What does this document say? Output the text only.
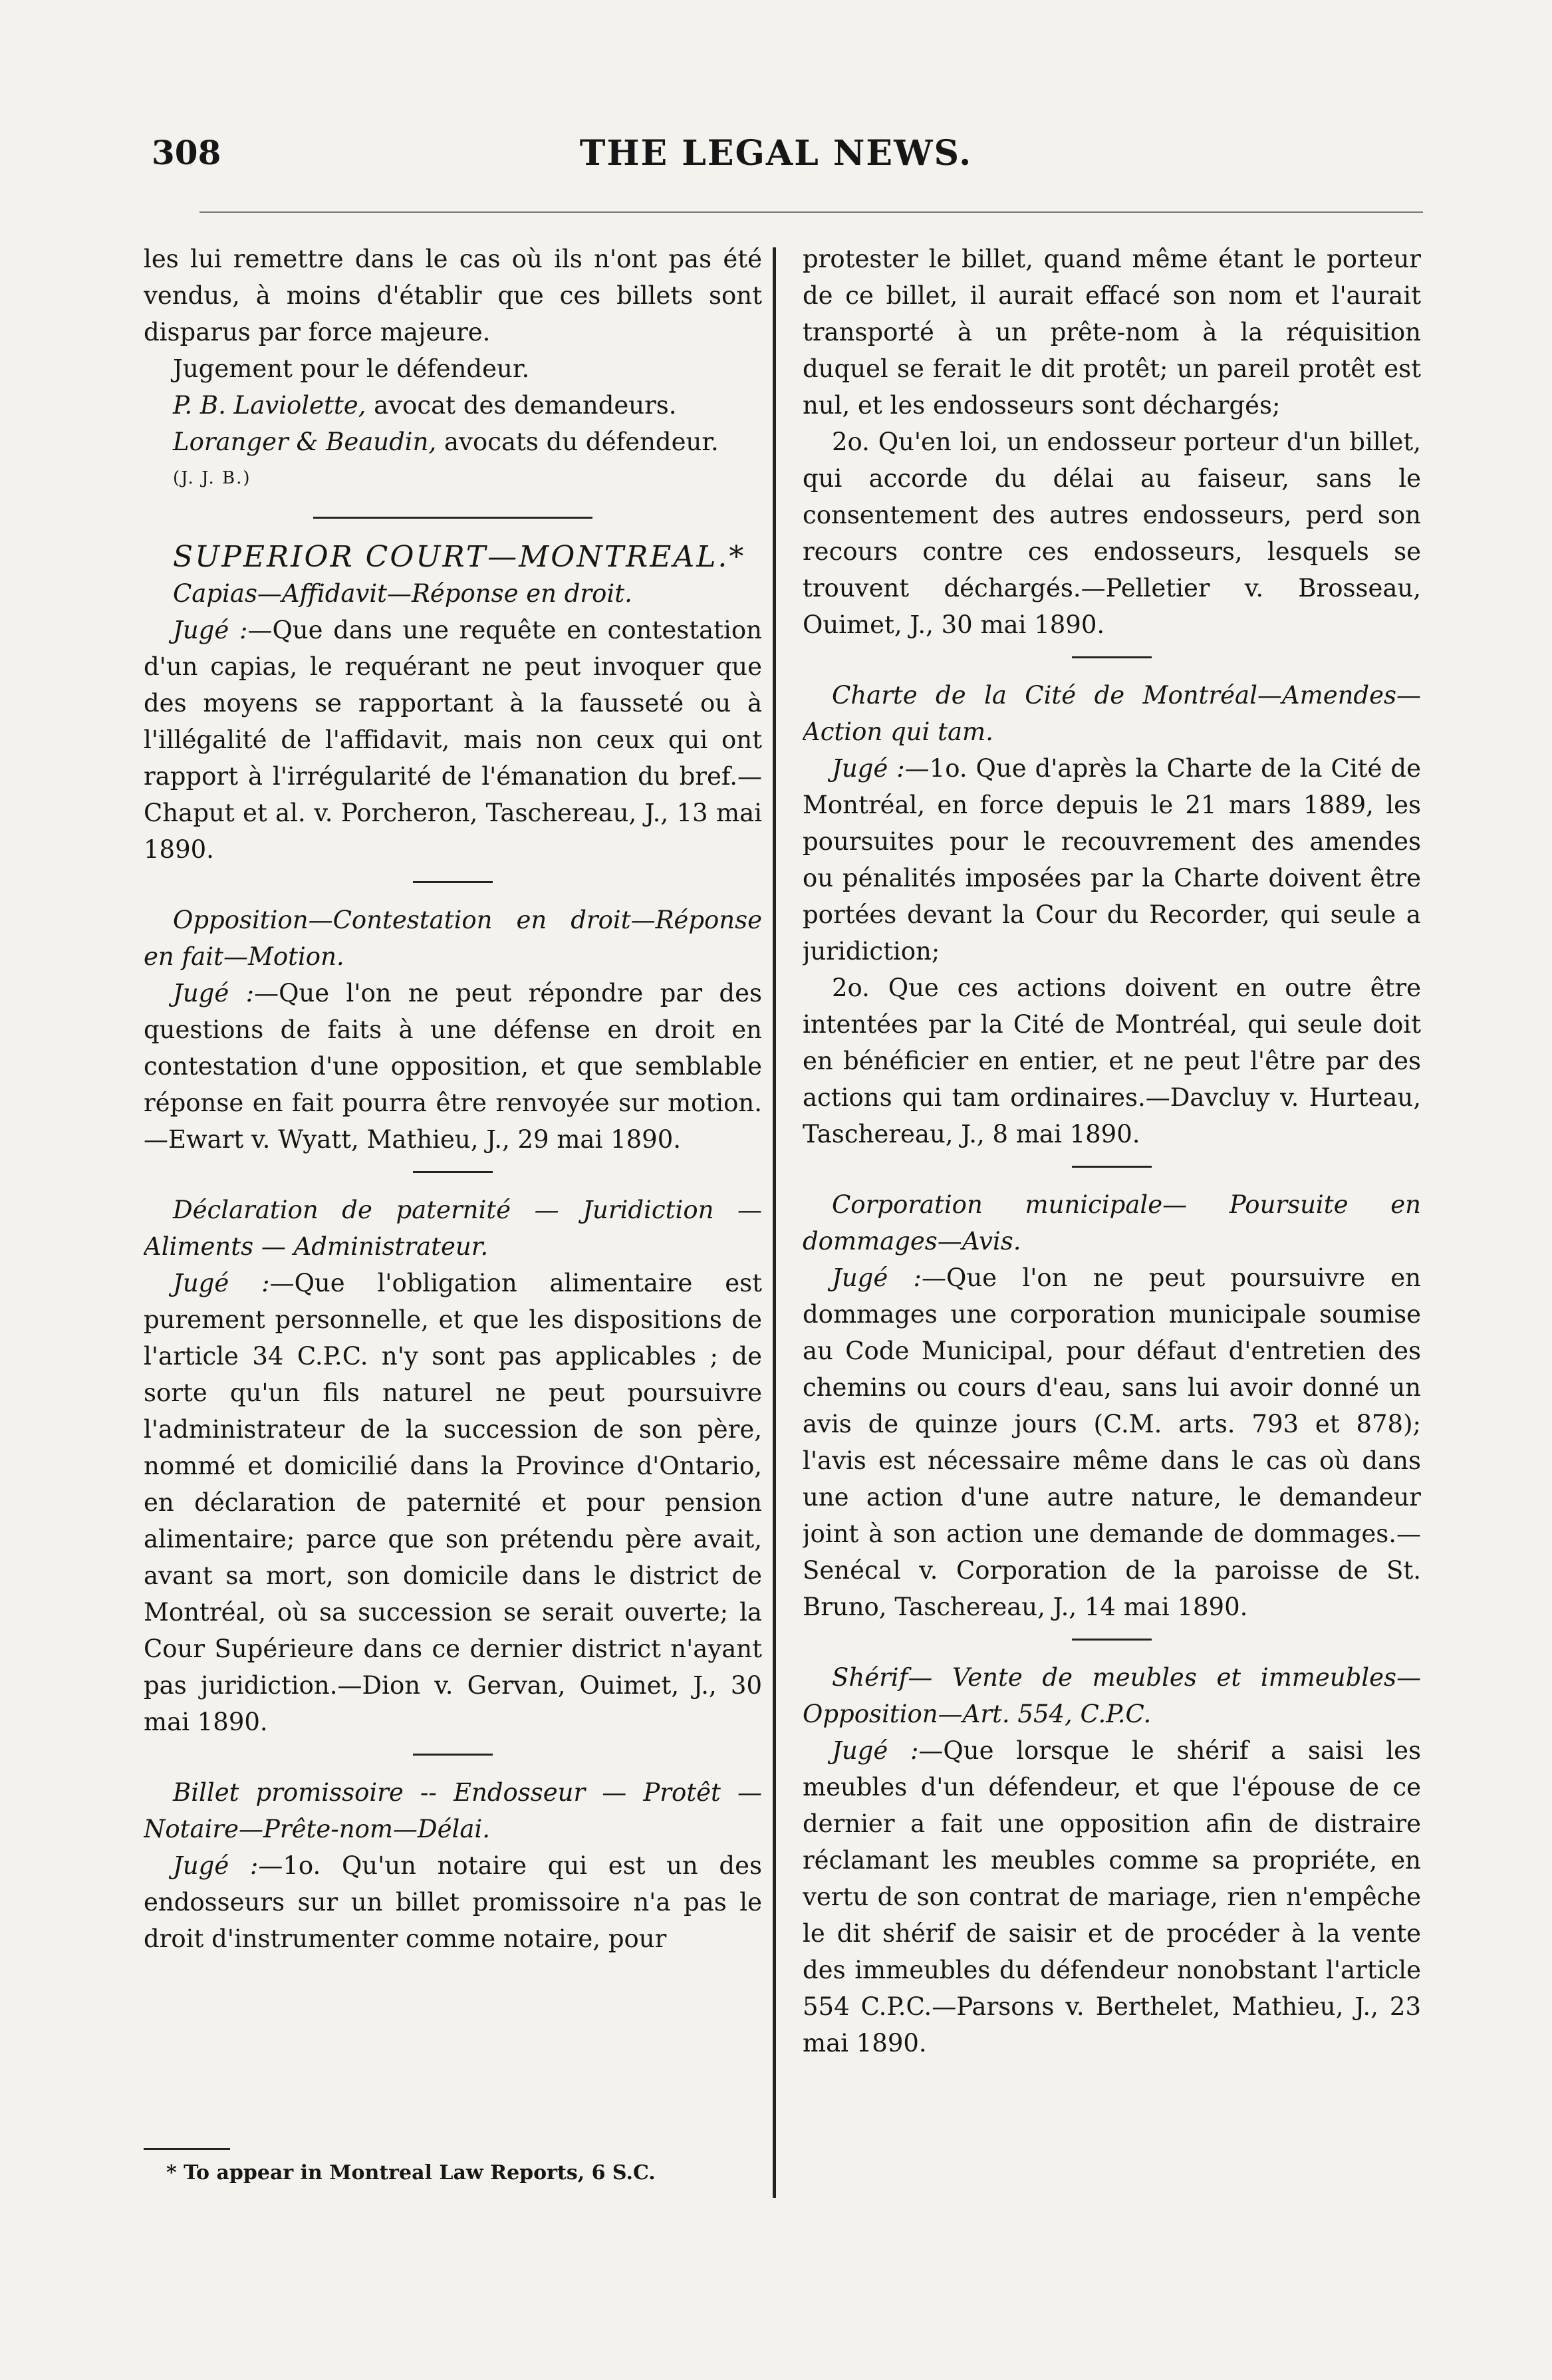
308	THE LEGAL NEWS.

les lui remettre dans le cas où ils n'ont pas été vendus, à moins d'établir que ces billets sont disparus par force majeure.

Jugement pour le défendeur.

P. B. Laviolette, avocat des demandeurs.

Loranger & Beaudin, avocats du défendeur.

(J. J. B.)

SUPERIOR COURT—MONTREAL.*

Capias—Affidavit—Réponse en droit.

Jugé :—Que dans une requête en contestation d'un capias, le requérant ne peut invoquer que des moyens se rapportant à la fausseté ou à l'illégalité de l'affidavit, mais non ceux qui ont rapport à l'irrégularité de l'émanation du bref.—Chaput et al. v. Porcheron, Taschereau, J., 13 mai 1890.

Opposition—Contestation en droit—Réponse en fait—Motion.

Jugé :—Que l'on ne peut répondre par des questions de faits à une défense en droit en contestation d'une opposition, et que semblable réponse en fait pourra être renvoyée sur motion.—Ewart v. Wyatt, Mathieu, J., 29 mai 1890.

Déclaration de paternité — Juridiction — Aliments — Administrateur.

Jugé :—Que l'obligation alimentaire est purement personnelle, et que les dispositions de l'article 34 C.P.C. n'y sont pas applicables ; de sorte qu'un fils naturel ne peut poursuivre l'administrateur de la succession de son père, nommé et domicilié dans la Province d'Ontario, en déclaration de paternité et pour pension alimentaire; parce que son prétendu père avait, avant sa mort, son domicile dans le district de Montréal, où sa succession se serait ouverte; la Cour Supérieure dans ce dernier district n'ayant pas juridiction.—Dion v. Gervan, Ouimet, J., 30 mai 1890.

Billet promissoire -- Endosseur — Protêt — Notaire—Prête-nom—Délai.

Jugé :—1o. Qu'un notaire qui est un des endosseurs sur un billet promissoire n'a pas le droit d'instrumenter comme notaire, pour

* To appear in Montreal Law Reports, 6 S.C.

protester le billet, quand même étant le porteur de ce billet, il aurait effacé son nom et l'aurait transporté à un prête-nom à la réquisition duquel se ferait le dit protêt; un pareil protêt est nul, et les endosseurs sont déchargés;

2o. Qu'en loi, un endosseur porteur d'un billet, qui accorde du délai au faiseur, sans le consentement des autres endosseurs, perd son recours contre ces endosseurs, lesquels se trouvent déchargés.—Pelletier v. Brosseau, Ouimet, J., 30 mai 1890.

Charte de la Cité de Montréal—Amendes—Action qui tam.

Jugé :—1o. Que d'après la Charte de la Cité de Montréal, en force depuis le 21 mars 1889, les poursuites pour le recouvrement des amendes ou pénalités imposées par la Charte doivent être portées devant la Cour du Recorder, qui seule a juridiction;

2o. Que ces actions doivent en outre être intentées par la Cité de Montréal, qui seule doit en bénéficier en entier, et ne peut l'être par des actions qui tam ordinaires.—Davcluy v. Hurteau, Taschereau, J., 8 mai 1890.

Corporation municipale— Poursuite en dommages—Avis.

Jugé :—Que l'on ne peut poursuivre en dommages une corporation municipale soumise au Code Municipal, pour défaut d'entretien des chemins ou cours d'eau, sans lui avoir donné un avis de quinze jours (C.M. arts. 793 et 878); l'avis est nécessaire même dans le cas où dans une action d'une autre nature, le demandeur joint à son action une demande de dommages.—Senécal v. Corporation de la paroisse de St. Bruno, Taschereau, J., 14 mai 1890.

Shérif— Vente de meubles et immeubles—Opposition—Art. 554, C.P.C.

Jugé :—Que lorsque le shérif a saisi les meubles d'un défendeur, et que l'épouse de ce dernier a fait une opposition afin de distraire réclamant les meubles comme sa propriéte, en vertu de son contrat de mariage, rien n'empêche le dit shérif de saisir et de procéder à la vente des immeubles du défendeur nonobstant l'article 554 C.P.C.—Parsons v. Berthelet, Mathieu, J., 23 mai 1890.
